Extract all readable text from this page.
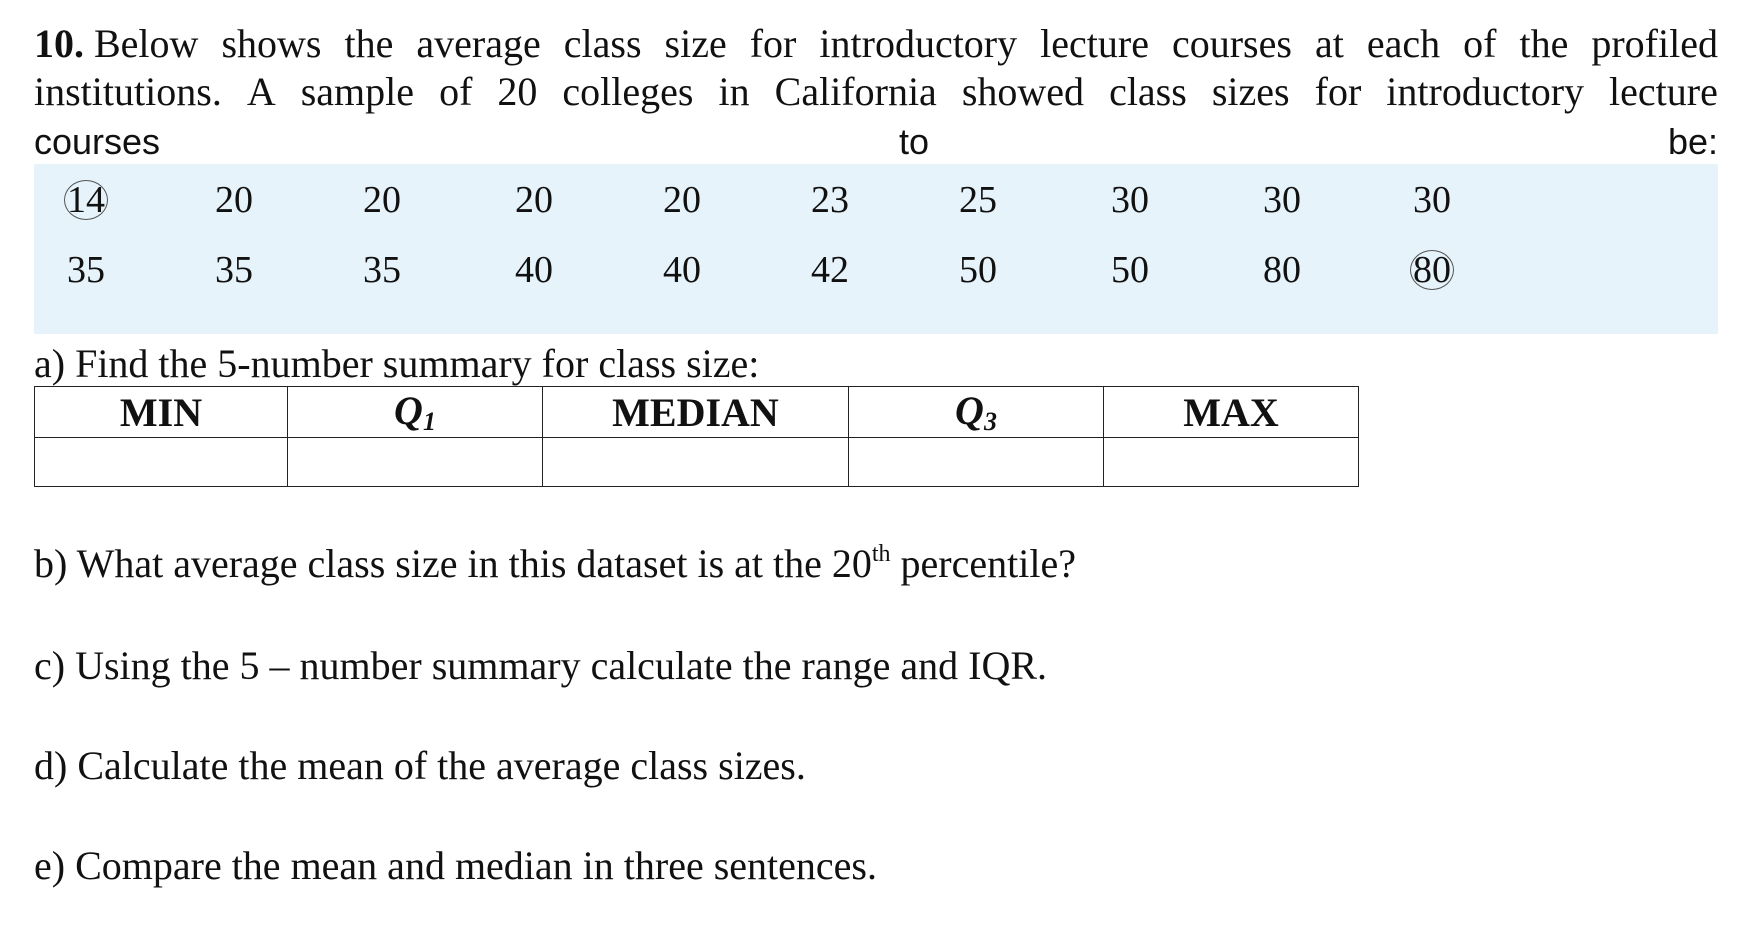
10. Below shows the average class size for introductory lecture courses at each of the profiled
institutions. A sample of 20 colleges in California showed class sizes for introductory lecture
courses	to	be:
14	20	20	20	20	23	25	30	30	30
35	35	35	40	40	42	50	50	80	80
a) Find the 5-number summary for class size:
MIN	$Q_1$	MEDIAN	$Q_3$	MAX

b) What average class size in this dataset is at the 20th percentile?
c) Using the 5 – number summary calculate the range and IQR.
d) Calculate the mean of the average class sizes.
e) Compare the mean and median in three sentences.
